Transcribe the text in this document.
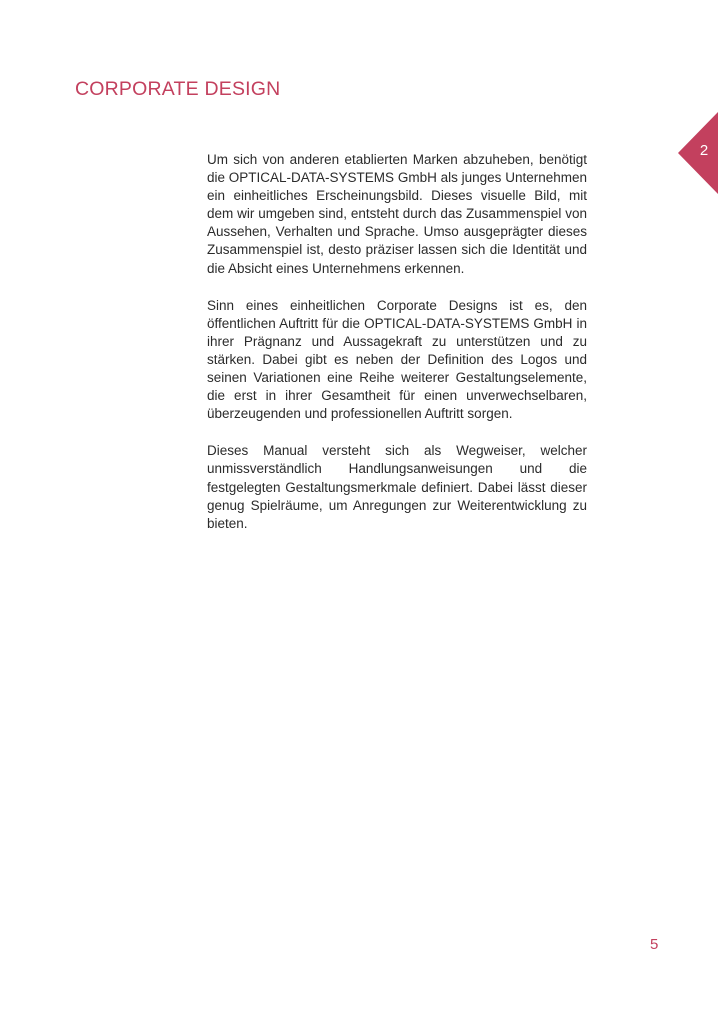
CORPORATE DESIGN
2

Um sich von anderen etablierten Marken abzuheben, benötigt die OPTICAL-DATA-SYSTEMS GmbH als junges Unternehmen ein einheitliches Erscheinungsbild. Dieses visuelle Bild, mit dem wir umgeben sind, entsteht durch das Zusammenspiel von Aussehen, Verhalten und Sprache. Umso ausgeprägter dieses Zusammenspiel ist, desto präziser lassen sich die Identität und die Absicht eines Unternehmens erkennen.

Sinn eines einheitlichen Corporate Designs ist es, den öffentlichen Auftritt für die OPTICAL-DATA-SYSTEMS GmbH in ihrer Prägnanz und Aussagekraft zu unterstützen und zu stärken. Dabei gibt es neben der Definition des Logos und seinen Variationen eine Reihe weiterer Gestaltungselemente, die erst in ihrer Gesamtheit für einen unverwechselbaren, überzeugenden und professionellen Auftritt sorgen.

Dieses Manual versteht sich als Wegweiser, welcher unmissverständlich Handlungsanweisungen und die festgelegten Gestaltungsmerkmale definiert. Dabei lässt dieser genug Spielräume, um Anregungen zur Weiterentwicklung zu bieten.

5
